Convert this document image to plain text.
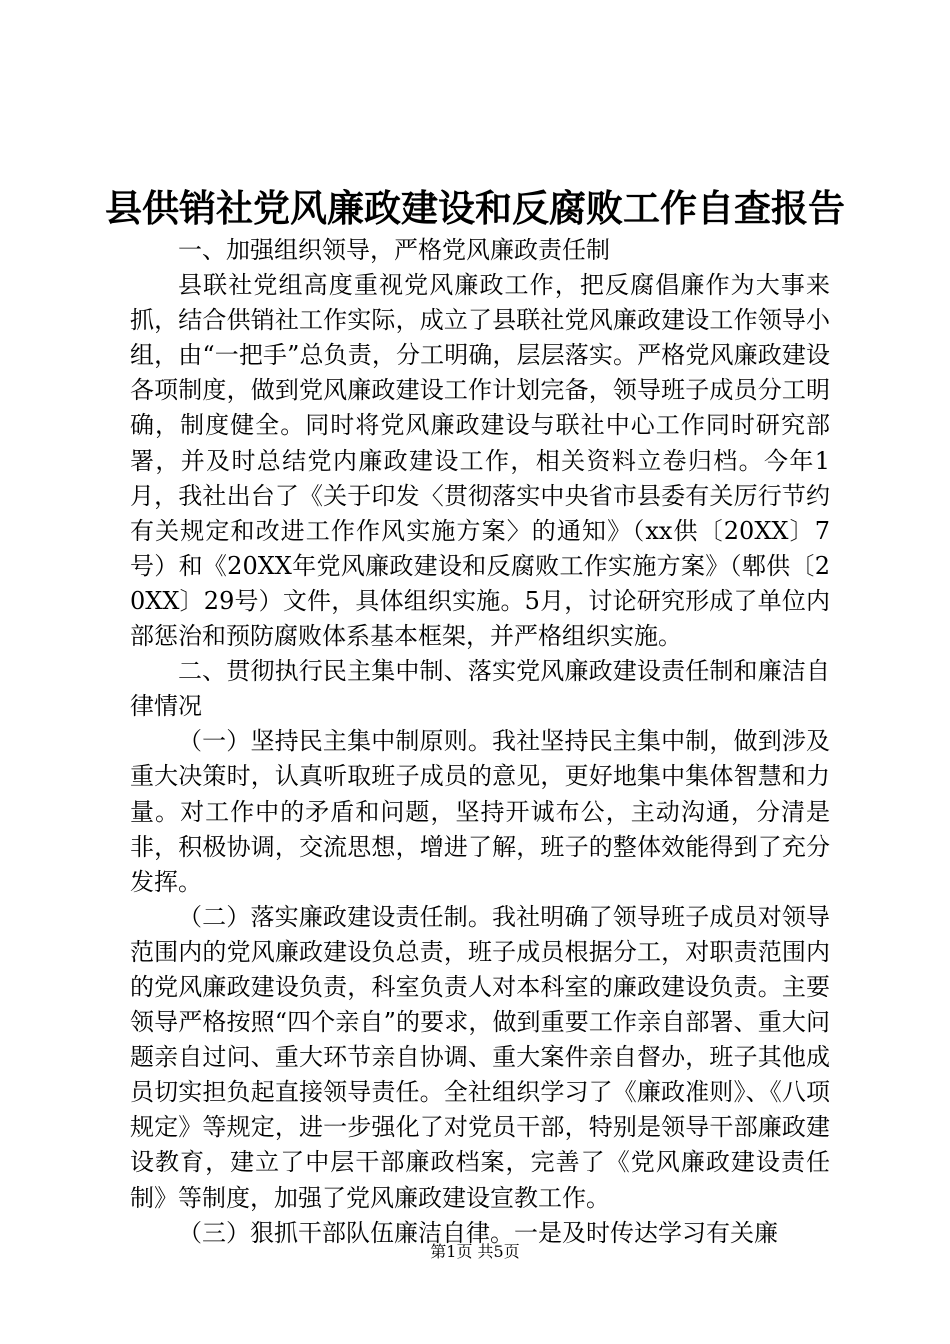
县供销社党风廉政建设和反腐败工作自查报告

一、加强组织领导，严格党风廉政责任制

县联社党组高度重视党风廉政工作，把反腐倡廉作为大事来抓，结合供销社工作实际，成立了县联社党风廉政建设工作领导小组，由“一把手”总负责，分工明确，层层落实。严格党风廉政建设各项制度，做到党风廉政建设工作计划完备，领导班子成员分工明确，制度健全。同时将党风廉政建设与联社中心工作同时研究部署，并及时总结党内廉政建设工作，相关资料立卷归档。今年1月，我社出台了《关于印发〈贯彻落实中央省市县委有关厉行节约有关规定和改进工作作风实施方案〉的通知》（xx供〔20XX〕7号）和《20XX年党风廉政建设和反腐败工作实施方案》（郫供〔20XX〕29号）文件，具体组织实施。5月，讨论研究形成了单位内部惩治和预防腐败体系基本框架，并严格组织实施。

二、贯彻执行民主集中制、落实党风廉政建设责任制和廉洁自律情况

（一）坚持民主集中制原则。我社坚持民主集中制，做到涉及重大决策时，认真听取班子成员的意见，更好地集中集体智慧和力量。对工作中的矛盾和问题，坚持开诚布公，主动沟通，分清是非，积极协调，交流思想，增进了解，班子的整体效能得到了充分发挥。

（二）落实廉政建设责任制。我社明确了领导班子成员对领导范围内的党风廉政建设负总责，班子成员根据分工，对职责范围内的党风廉政建设负责，科室负责人对本科室的廉政建设负责。主要领导严格按照“四个亲自”的要求，做到重要工作亲自部署、重大问题亲自过问、重大环节亲自协调、重大案件亲自督办，班子其他成员切实担负起直接领导责任。全社组织学习了《廉政准则》、《八项规定》等规定，进一步强化了对党员干部，特别是领导干部廉政建设教育，建立了中层干部廉政档案，完善了《党风廉政建设责任制》等制度，加强了党风廉政建设宣教工作。

（三）狠抓干部队伍廉洁自律。一是及时传达学习有关廉

第1页 共5页
